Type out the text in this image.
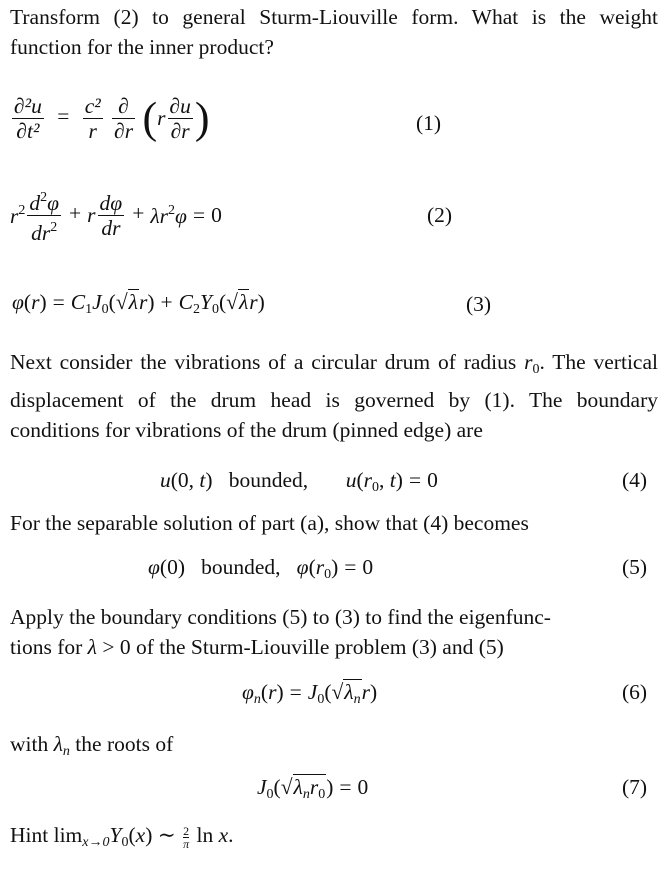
Transform (2) to general Sturm-Liouville form. What is the weight function for the inner product?
$\frac{\text{∂²u}}{\text{∂t²}} = \frac{\text{c²}}{r}$
$\frac{\partial}{\partial r} (r \frac{\partial u}{\partial r}$ )	(1)
$r^2 \frac{d^2\varphi}{dr^2} + r \frac{d\varphi}{dr} + \lambda r^2\varphi = 0$	(2)
$\varphi(r) = C_1J_0(√\lambda r) + C_2Y_0(√\lambda r)$	(3)
Next consider the vibrations of a circular drum of radius $r_0$. The vertical displacement of the drum head is governed by (1). The boundary conditions for vibrations of the drum (pinned edge) are
u(0, t)   bounded, $u(r_0$, t) = 0	(4)
For the separable solution of part (a), show that (4) becomes
φ(0)   bounded, $\varphi(r_0) = 0$	(5)
Apply the boundary conditions (5) to (3) to find the eigenfunc-
tions for λ > 0 of the Sturm-Liouville problem (3) and (5)
$\varphi n(r) = J_0(√\lambda nr)$	(6)
with λn the roots of
$J_0(√\lambda nr_0) = 0$	(7)
Hint $\lim x\to 0Y_0(x)$ ∼ $\frac{2}{\pi}$ ln x.
